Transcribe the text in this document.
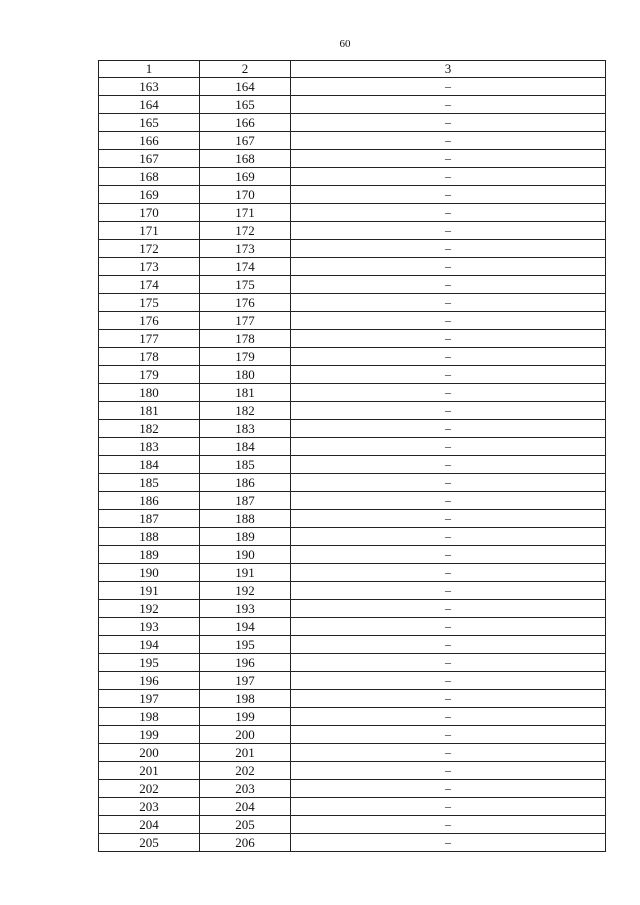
60
1	2	3
163	164	–
164	165	–
165	166	–
166	167	–
167	168	–
168	169	–
169	170	–
170	171	–
171	172	–
172	173	–
173	174	–
174	175	–
175	176	–
176	177	–
177	178	–
178	179	–
179	180	–
180	181	–
181	182	–
182	183	–
183	184	–
184	185	–
185	186	–
186	187	–
187	188	–
188	189	–
189	190	–
190	191	–
191	192	–
192	193	–
193	194	–
194	195	–
195	196	–
196	197	–
197	198	–
198	199	–
199	200	–
200	201	–
201	202	–
202	203	–
203	204	–
204	205	–
205	206	–
